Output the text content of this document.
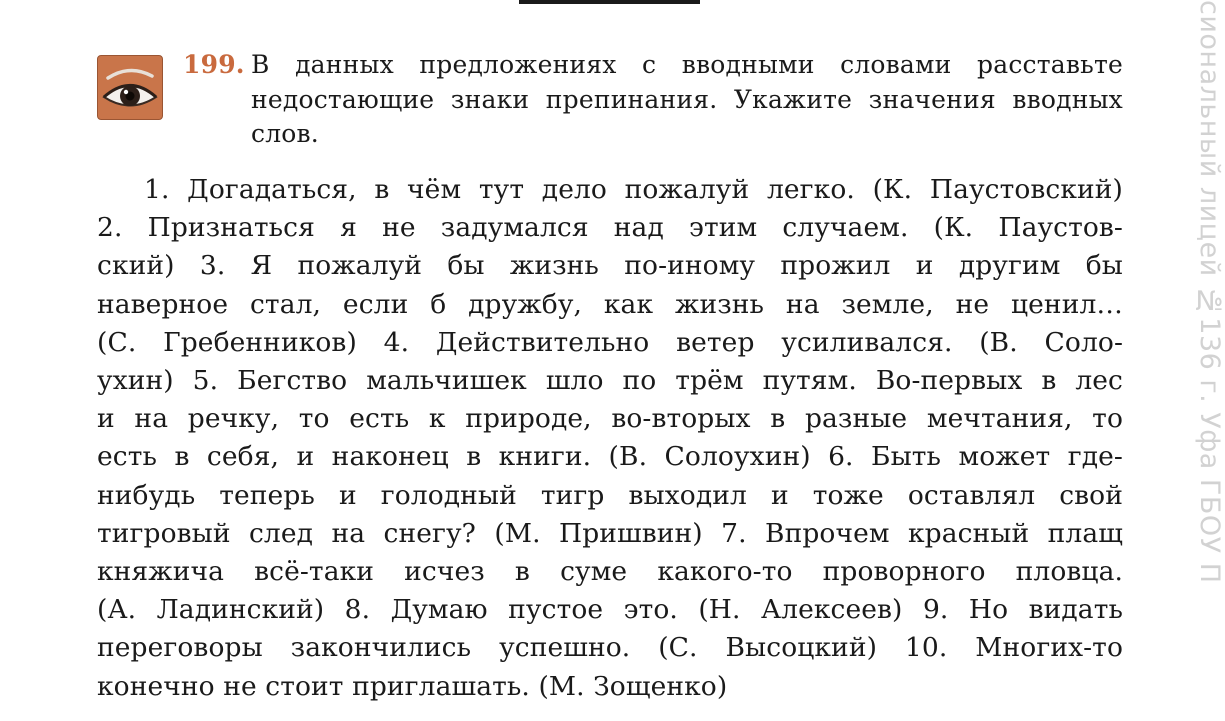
199. В данных предложениях с вводными словами расставьте недостающие знаки препинания. Укажите значения вводных слов.
1. Догадаться, в чём тут дело пожалуй легко. (К. Паустовский)
2. Признаться я не задумался над этим случаем. (К. Паустов-
ский) 3. Я пожалуй бы жизнь по-иному прожил и другим бы
наверное стал, если б дружбу, как жизнь на земле, не ценил…
(С. Гребенников) 4. Действительно ветер усиливался. (В. Соло-
ухин) 5. Бегство мальчишек шло по трём путям. Во-первых в лес
и на речку, то есть к природе, во-вторых в разные мечтания, то
есть в себя, и наконец в книги. (В. Солоухин) 6. Быть может где-
нибудь теперь и голодный тигр выходил и тоже оставлял свой
тигровый след на снегу? (М. Пришвин) 7. Впрочем красный плащ
княжича всё-таки исчез в суме какого-то проворного пловца.
(А. Ладинский) 8. Думаю пустое это. (Н. Алексеев) 9. Но видать
переговоры закончились успешно. (С. Высоцкий) 10. Многих-то
конечно не стоит приглашать. (М. Зощенко)
сиональный лицей №136 г. Уфа ГБОУ П
